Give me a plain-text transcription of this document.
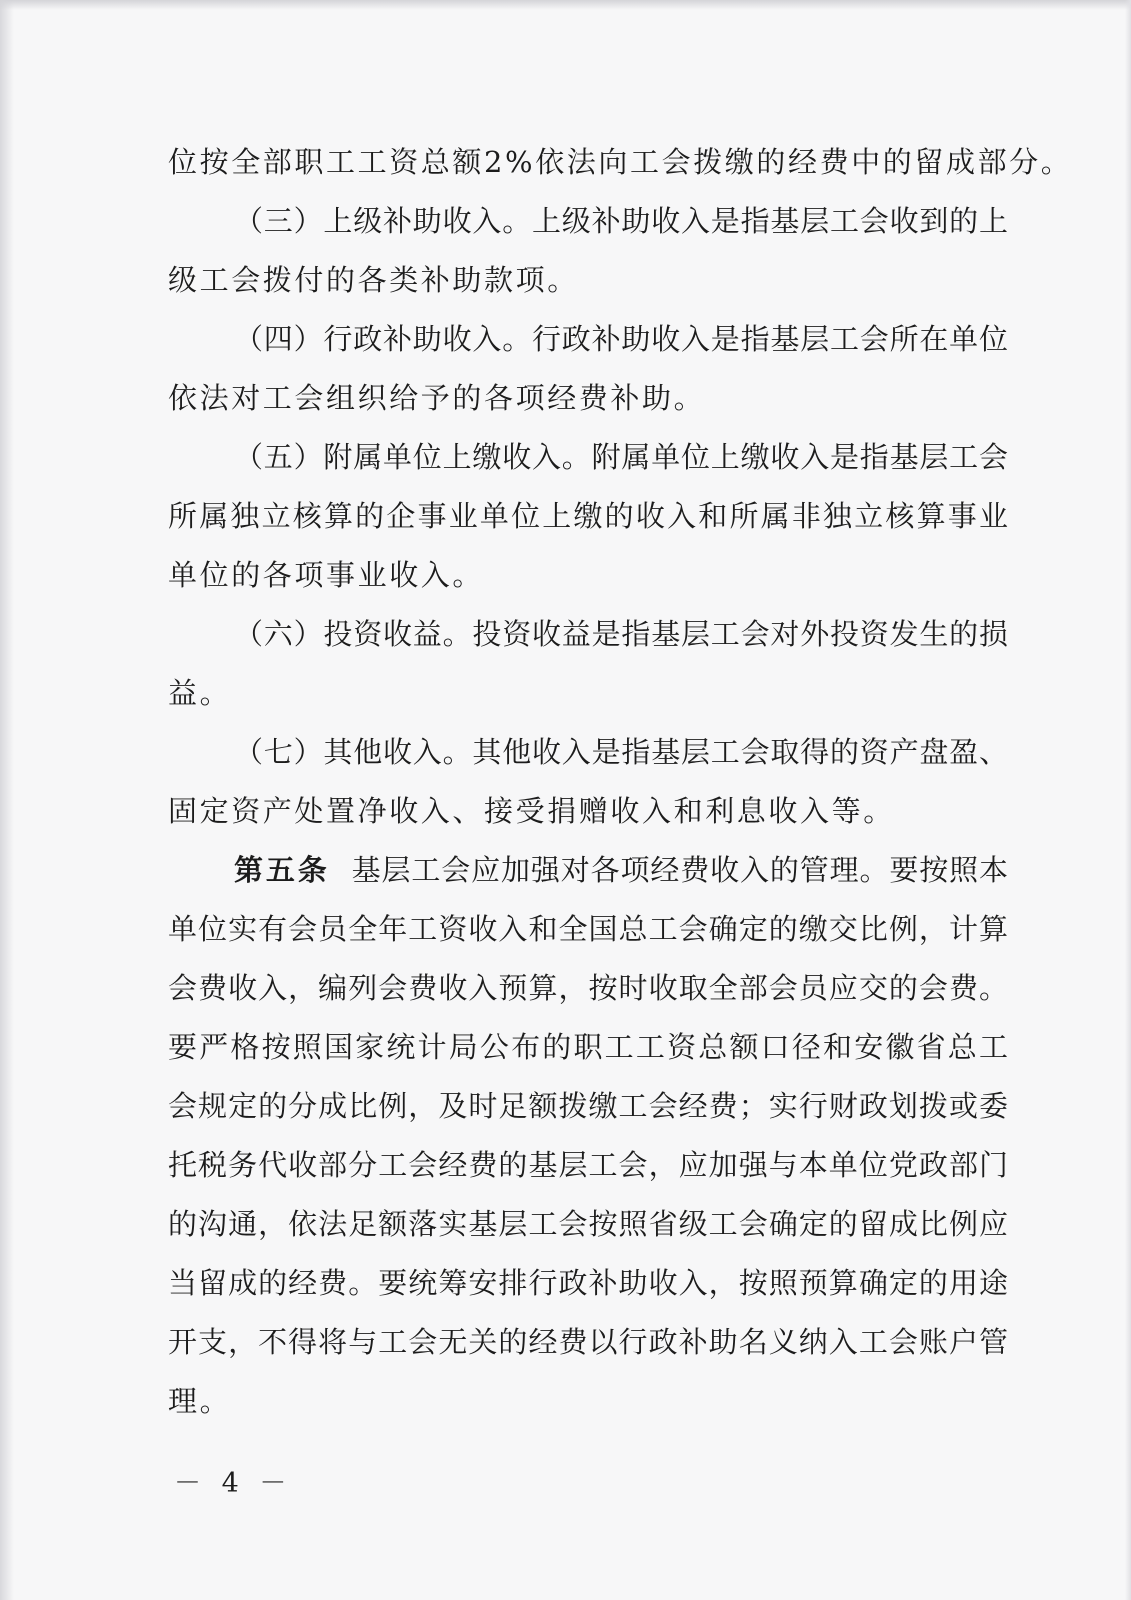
位按全部职工工资总额2%依法向工会拨缴的经费中的留成部分。
（三）上级补助收入。上级补助收入是指基层工会收到的上
级工会拨付的各类补助款项。
（四）行政补助收入。行政补助收入是指基层工会所在单位
依法对工会组织给予的各项经费补助。
（五）附属单位上缴收入。附属单位上缴收入是指基层工会
所属独立核算的企事业单位上缴的收入和所属非独立核算事业
单位的各项事业收入。
（六）投资收益。投资收益是指基层工会对外投资发生的损
益。
（七）其他收入。其他收入是指基层工会取得的资产盘盈、
固定资产处置净收入、接受捐赠收入和利息收入等。
第五条 基层工会应加强对各项经费收入的管理。要按照本
单位实有会员全年工资收入和全国总工会确定的缴交比例，计算
会费收入，编列会费收入预算，按时收取全部会员应交的会费。
要严格按照国家统计局公布的职工工资总额口径和安徽省总工
会规定的分成比例，及时足额拨缴工会经费；实行财政划拨或委
托税务代收部分工会经费的基层工会，应加强与本单位党政部门
的沟通，依法足额落实基层工会按照省级工会确定的留成比例应
当留成的经费。要统筹安排行政补助收入，按照预算确定的用途
开支，不得将与工会无关的经费以行政补助名义纳入工会账户管
理。
－ 4 －
